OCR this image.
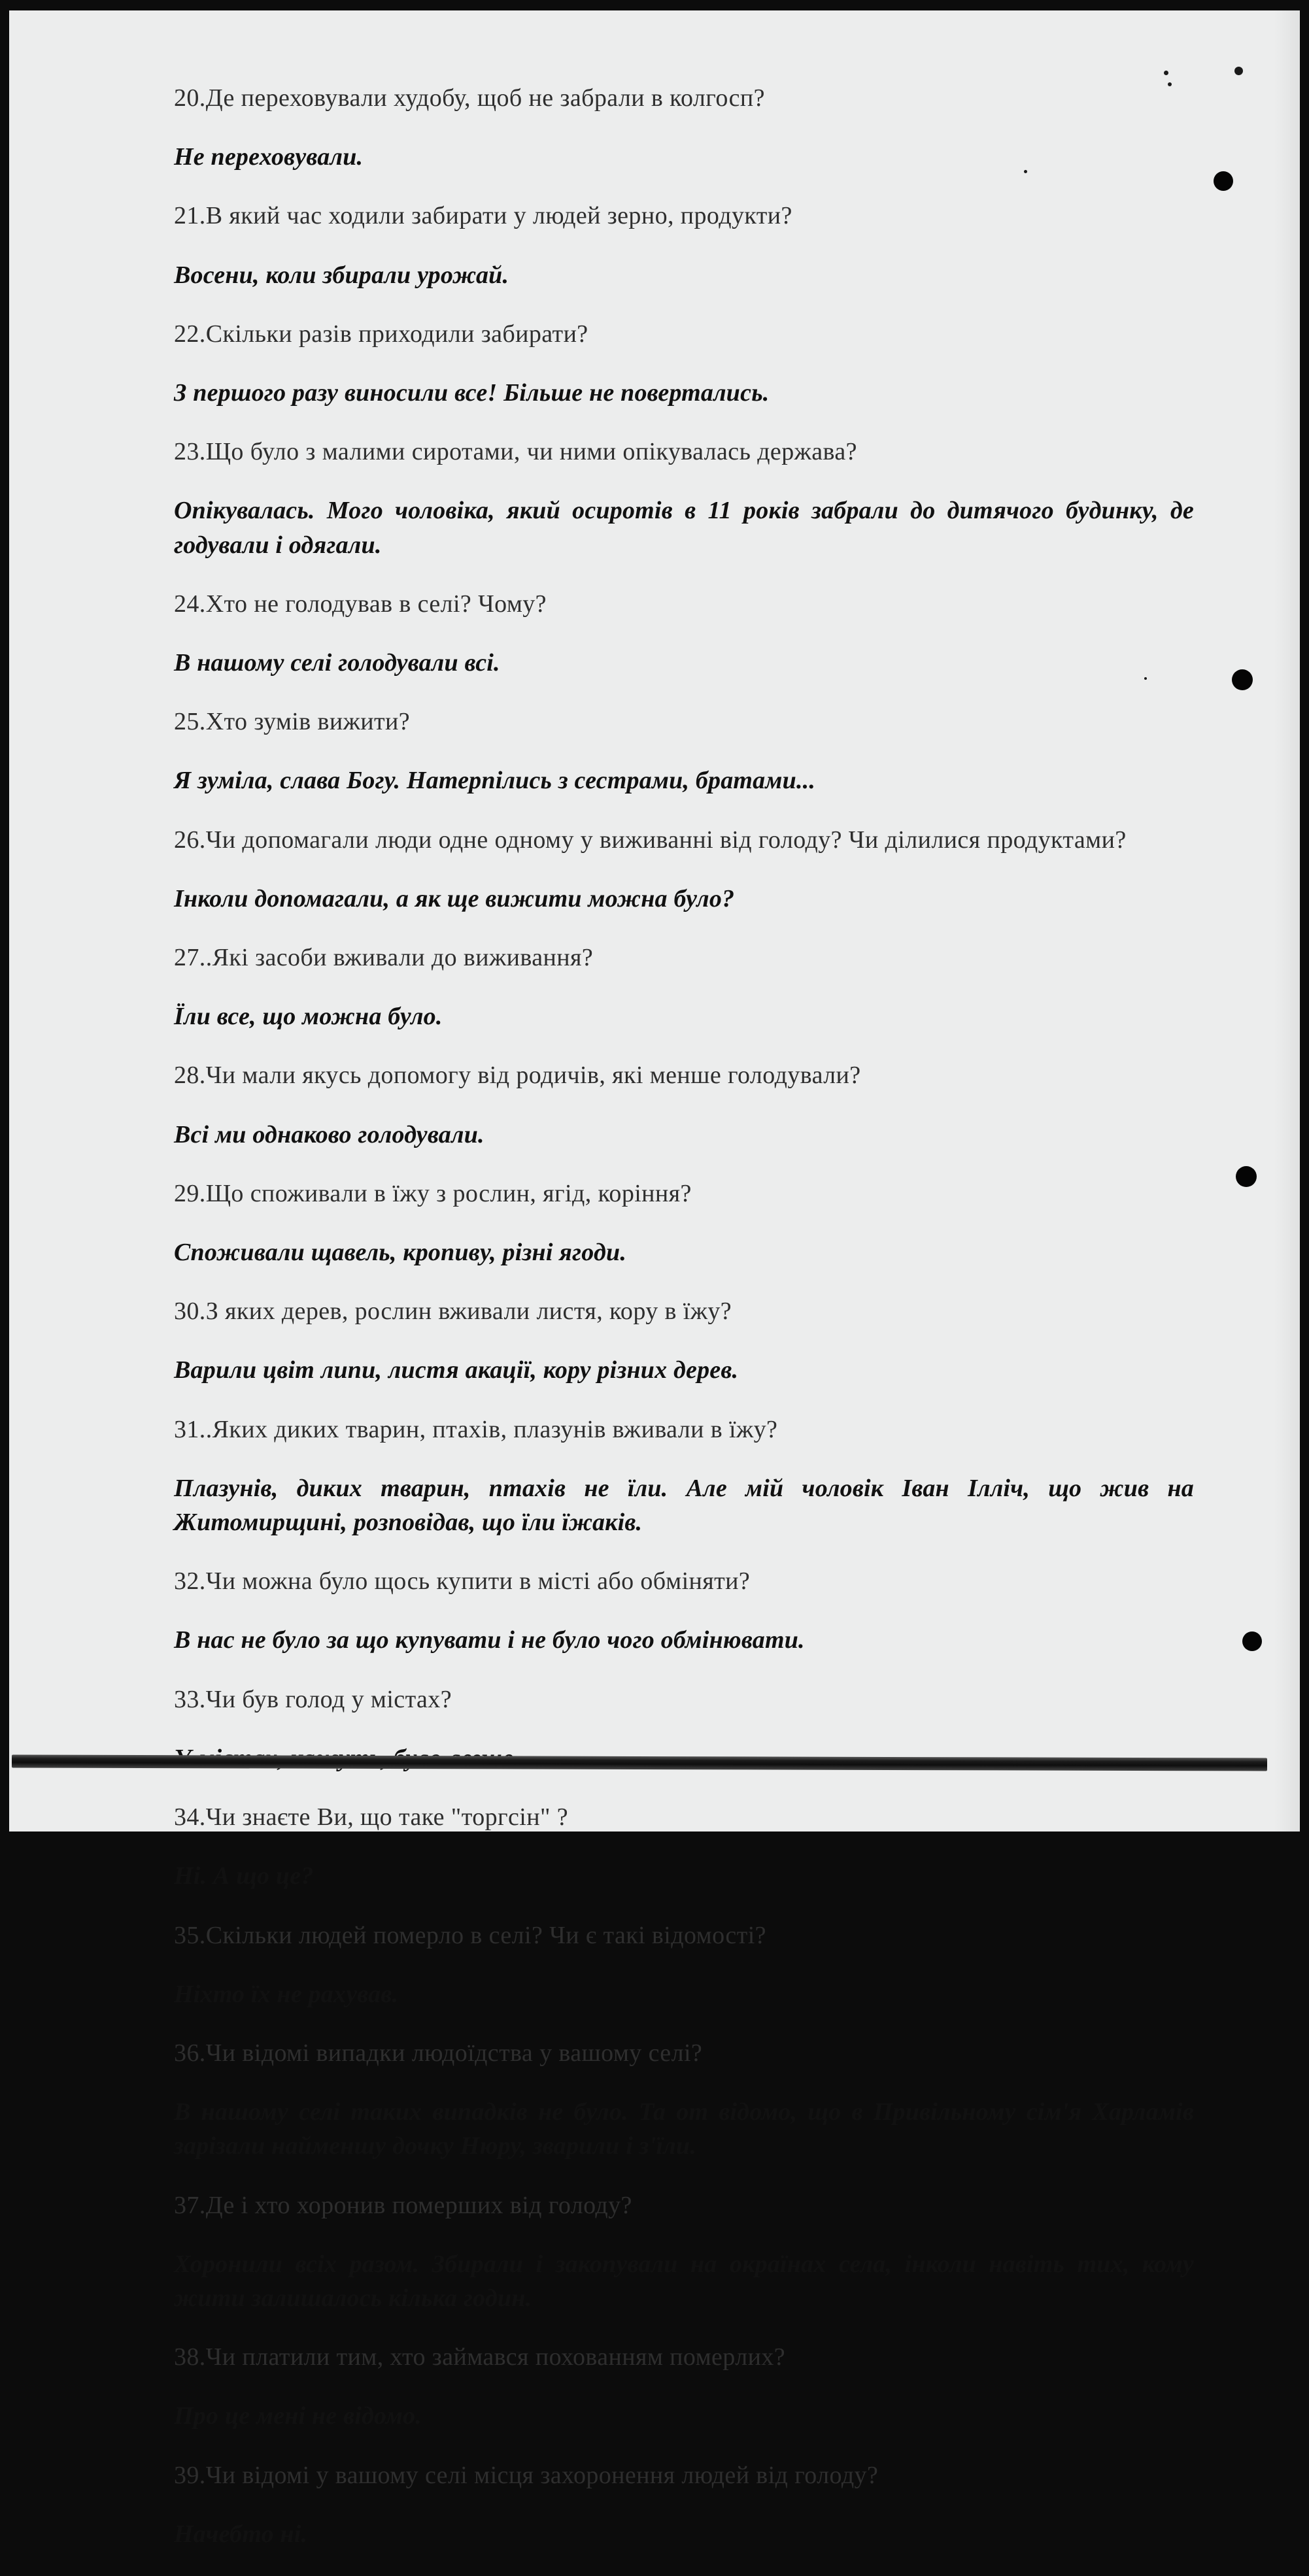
20.Де переховували худобу, щоб не забрали в колгосп?

Не переховували.

21.В який час ходили забирати у людей зерно, продукти?

Восени, коли збирали урожай.

22.Скільки разів приходили забирати?

З першого разу виносили все! Більше не повертались.

23.Що було з малими сиротами, чи ними опікувалась держава?

Опікувалась. Мого чоловіка, який осиротів в 11 років забрали до дитячого будинку, де годували і одягали.

24.Хто не голодував в селі? Чому?

В нашому селі голодували всі.

25.Хто зумів вижити?

Я зуміла, слава Богу. Натерпілись з сестрами, братами...

26.Чи допомагали люди одне одному у виживанні від голоду? Чи ділилися продуктами?

Інколи допомагали, а як ще вижити можна було?

27..Які засоби вживали до виживання?

Їли все, що можна було.

28.Чи мали якусь допомогу від родичів, які менше голодували?

Всі ми однаково голодували.

29.Що споживали в їжу з рослин, ягід, коріння?

Споживали щавель, кропиву, різні ягоди.

30.З яких дерев, рослин вживали листя, кору в їжу?

Варили цвіт липи, листя акації, кору різних дерев.

31..Яких диких тварин, птахів, плазунів вживали в їжу?

Плазунів, диких тварин, птахів не їли. Але мій чоловік Іван Ілліч, що жив на Житомирщині, розповідав, що їли їжаків.

32.Чи можна було щось купити в місті або обміняти?

В нас не було за що купувати і не було чого обмінювати.

33.Чи був голод у містах?

34.Чи знаєте Ви, що таке "торгсін" ?

Ні. А що це?

35.Скільки людей померло в селі? Чи є такі відомості?

Ніхто їх не рахував.

36.Чи відомі випадки людоїдства у вашому селі?

В нашому селі таких випадків не було. Та от відомо, що в Привільному сім'я Харламів зарізали найменшу дочку Нюру, зварили і з'їли.

37.Де і хто хоронив померших від голоду?

Хоронили всіх разом. Збирали і закопували на окраїнах села, інколи навіть тих, кому жити залишалось кілька годин.

38.Чи платили тим, хто займався похованням померлих?

Про це мені не відомо.

39.Чи відомі у вашому селі місця захоронення людей від голоду?

Начебто ні.
